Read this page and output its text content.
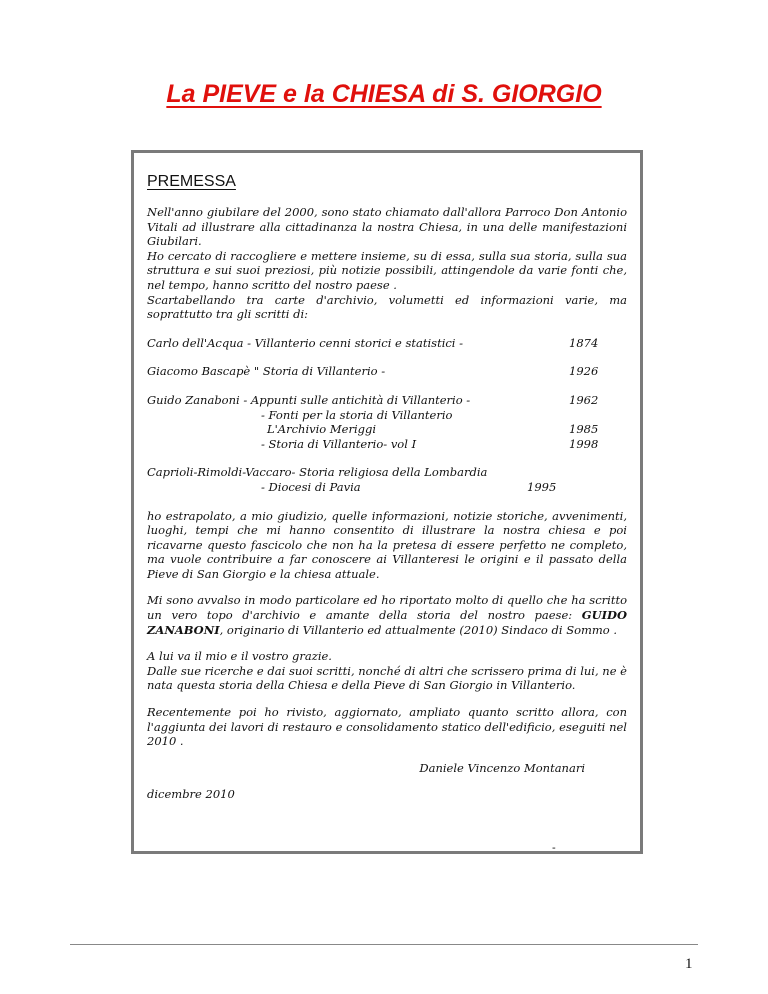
La PIEVE e la CHIESA di S. GIORGIO
PREMESSA

Nell'anno giubilare del 2000, sono stato chiamato dall'allora Parroco Don Antonio Vitali ad illustrare alla cittadinanza la nostra Chiesa, in una delle manifestazioni Giubilari.

Ho cercato di raccogliere e mettere insieme, su di essa, sulla sua storia, sulla sua struttura e sui suoi preziosi, più notizie possibili, attingendole da varie fonti che, nel tempo, hanno scritto del nostro paese .

Scartabellando tra carte d'archivio, volumetti ed informazioni varie, ma soprattutto tra gli scritti di:

Carlo dell'Acqua - Villanterio cenni storici e statistici -	1874
Giacomo Bascapè " Storia di Villanterio -	1926
Guido Zanaboni - Appunti sulle antichità di Villanterio -	1962
- Fonti per la storia di Villanterio
L'Archivio Meriggi	1985
- Storia di Villanterio- vol I	1998
Caprioli-Rimoldi-Vaccaro- Storia religiosa della Lombardia
- Diocesi di Pavia	1995

ho estrapolato, a mio giudizio, quelle informazioni, notizie storiche, avvenimenti, luoghi, tempi che mi hanno consentito di illustrare la nostra chiesa e poi ricavarne questo fascicolo che non ha la pretesa di essere perfetto ne completo, ma vuole contribuire a far conoscere ai Villanteresi le origini e il passato della Pieve di San Giorgio e la chiesa attuale.

Mi sono avvalso in modo particolare ed ho riportato molto di quello che ha scritto un vero topo d'archivio e amante della storia del nostro paese: GUIDO ZANABONI, originario di Villanterio ed attualmente (2010) Sindaco di Sommo .

A lui va il mio e il vostro grazie.

Dalle sue ricerche e dai suoi scritti, nonché di altri che scrissero prima di lui, ne è nata questa storia della Chiesa e della Pieve di San Giorgio in Villanterio.

Recentemente poi ho rivisto, aggiornato, ampliato quanto scritto allora, con l'aggiunta dei lavori di restauro e consolidamento statico dell'edificio, eseguiti nel 2010 .

Daniele Vincenzo Montanari
dicembre 2010
-
1
